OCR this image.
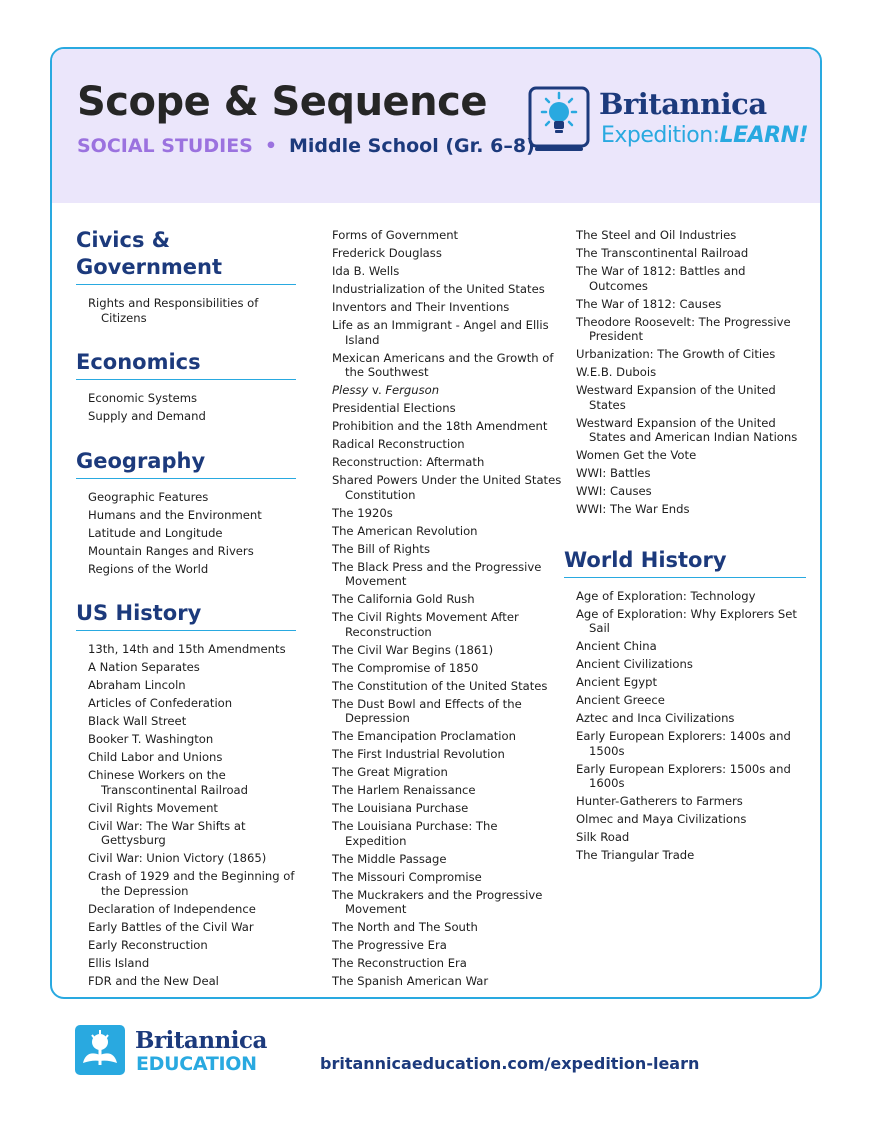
Scope & Sequence
SOCIAL STUDIES • Middle School (Gr. 6–8)
Britannica
Expedition:LEARN!
Civics & Government
Rights and Responsibilities of Citizens
Economics
Economic Systems
Supply and Demand
Geography
Geographic Features
Humans and the Environment
Latitude and Longitude
Mountain Ranges and Rivers
Regions of the World
US History
13th, 14th and 15th Amendments
A Nation Separates
Abraham Lincoln
Articles of Confederation
Black Wall Street
Booker T. Washington
Child Labor and Unions
Chinese Workers on the Transcontinental Railroad
Civil Rights Movement
Civil War: The War Shifts at Gettysburg
Civil War: Union Victory (1865)
Crash of 1929 and the Beginning of the Depression
Declaration of Independence
Early Battles of the Civil War
Early Reconstruction
Ellis Island
FDR and the New Deal
Forms of Government
Frederick Douglass
Ida B. Wells
Industrialization of the United States
Inventors and Their Inventions
Life as an Immigrant - Angel and Ellis Island
Mexican Americans and the Growth of the Southwest
Plessy v. Ferguson
Presidential Elections
Prohibition and the 18th Amendment
Radical Reconstruction
Reconstruction: Aftermath
Shared Powers Under the United States Constitution
The 1920s
The American Revolution
The Bill of Rights
The Black Press and the Progressive Movement
The California Gold Rush
The Civil Rights Movement After Reconstruction
The Civil War Begins (1861)
The Compromise of 1850
The Constitution of the United States
The Dust Bowl and Effects of the Depression
The Emancipation Proclamation
The First Industrial Revolution
The Great Migration
The Harlem Renaissance
The Louisiana Purchase
The Louisiana Purchase: The Expedition
The Middle Passage
The Missouri Compromise
The Muckrakers and the Progressive Movement
The North and The South
The Progressive Era
The Reconstruction Era
The Spanish American War
The Steel and Oil Industries
The Transcontinental Railroad
The War of 1812: Battles and Outcomes
The War of 1812: Causes
Theodore Roosevelt: The Progressive President
Urbanization: The Growth of Cities
W.E.B. Dubois
Westward Expansion of the United States
Westward Expansion of the United States and American Indian Nations
Women Get the Vote
WWI: Battles
WWI: Causes
WWI: The War Ends
World History
Age of Exploration: Technology
Age of Exploration: Why Explorers Set Sail
Ancient China
Ancient Civilizations
Ancient Egypt
Ancient Greece
Aztec and Inca Civilizations
Early European Explorers: 1400s and 1500s
Early European Explorers: 1500s and 1600s
Hunter-Gatherers to Farmers
Olmec and Maya Civilizations
Silk Road
The Triangular Trade
Britannica
EDUCATION	britannicaeducation.com/expedition-learn
